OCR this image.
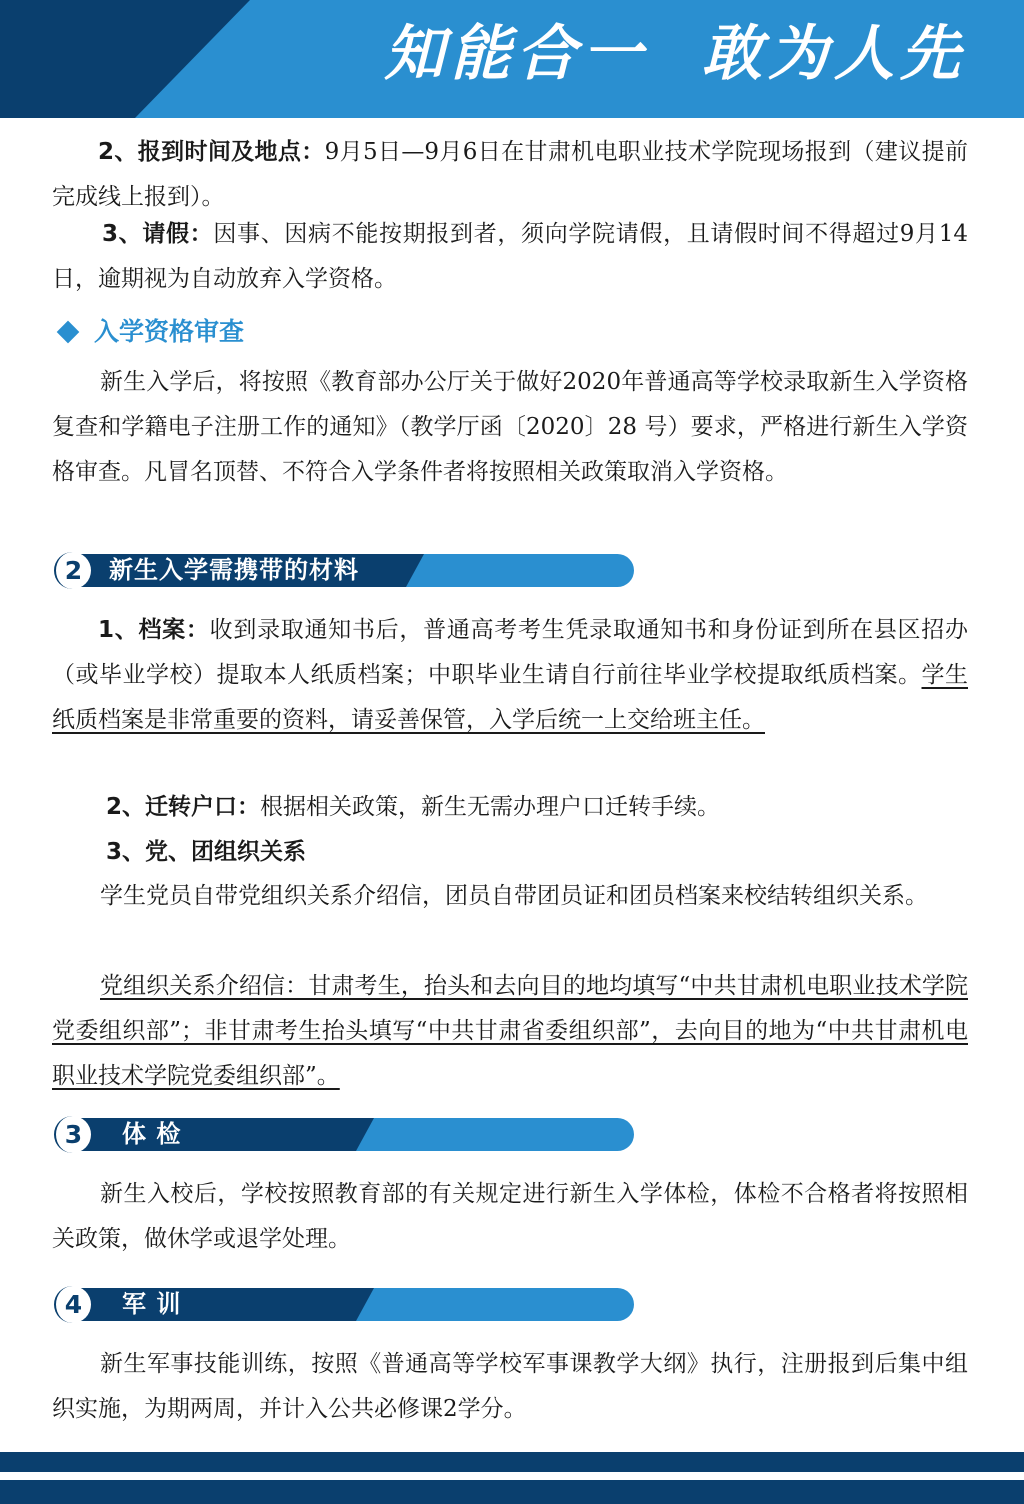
知能合一  敢为人先

2、报到时间及地点：9月5日—9月6日在甘肃机电职业技术学院现场报到（建议提前完成线上报到）。

3、请假：因事、因病不能按期报到者，须向学院请假，且请假时间不得超过9月14日，逾期视为自动放弃入学资格。

入学资格审查

新生入学后，将按照《教育部办公厅关于做好2020年普通高等学校录取新生入学资格复查和学籍电子注册工作的通知》（教学厅函〔2020〕28 号）要求，严格进行新生入学资格审查。凡冒名顶替、不符合入学条件者将按照相关政策取消入学资格。

2	新生入学需携带的材料

1、档案：收到录取通知书后，普通高考考生凭录取通知书和身份证到所在县区招办（或毕业学校）提取本人纸质档案；中职毕业生请自行前往毕业学校提取纸质档案。学生纸质档案是非常重要的资料，请妥善保管，入学后统一上交给班主任。

2、迁转户口：根据相关政策，新生无需办理户口迁转手续。

3、党、团组织关系

学生党员自带党组织关系介绍信，团员自带团员证和团员档案来校结转组织关系。

党组织关系介绍信：甘肃考生，抬头和去向目的地均填写“中共甘肃机电职业技术学院党委组织部”；非甘肃考生抬头填写“中共甘肃省委组织部”，去向目的地为“中共甘肃机电职业技术学院党委组织部”。

3	体 检

新生入校后，学校按照教育部的有关规定进行新生入学体检，体检不合格者将按照相关政策，做休学或退学处理。

4	军 训

新生军事技能训练，按照《普通高等学校军事课教学大纲》执行，注册报到后集中组织实施，为期两周，并计入公共必修课2学分。
